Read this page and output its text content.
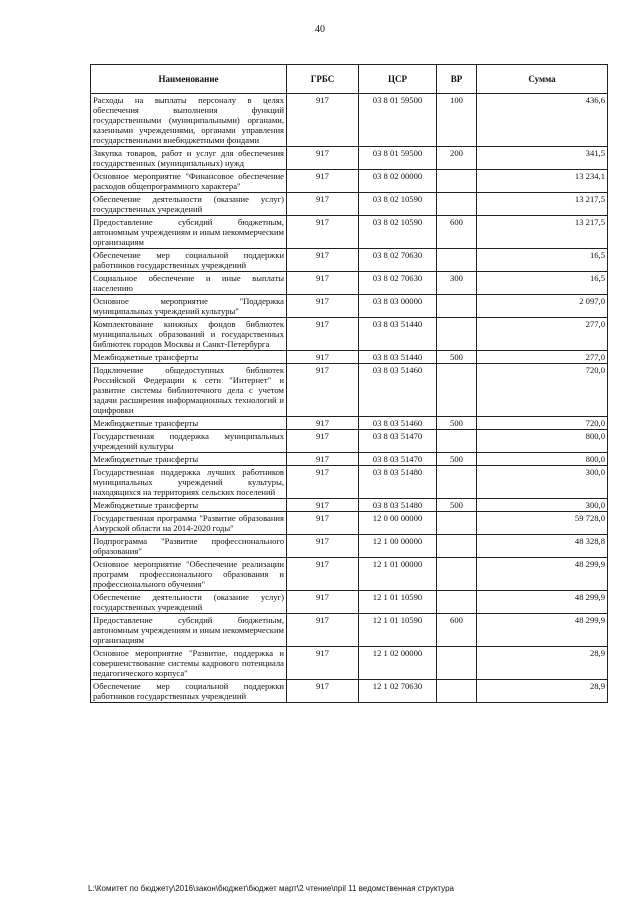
40
Наименование	ГРБС	ЦСР	ВР	Сумма
Расходы на выплаты персоналу в целях обеспечения выполнения функций государственными (муниципальными) органами, казенными учреждениями, органами управления государственными внебюджетными фондами	917	03 8 01 59500	100	436,6
Закупка товаров, работ и услуг для обеспечения государственных (муниципальных) нужд	917	03 8 01 59500	200	341,5
Основное мероприятие "Финансовое обеспечение расходов общепрограммного характера"	917	03 8 02 00000		13 234,1
Обеспечение деятельности (оказание услуг) государственных учреждений	917	03 8 02 10590		13 217,5
Предоставление субсидий бюджетным, автономным учреждениям и иным некоммерческим организациям	917	03 8 02 10590	600	13 217,5
Обеспечение мер социальной поддержки работников государственных учреждений	917	03 8 02 70630		16,5
Социальное обеспечение и иные выплаты населению	917	03 8 02 70630	300	16,5
Основное мероприятие "Поддержка муниципальных учреждений культуры"	917	03 8 03 00000		2 097,0
Комплектование книжных фондов библиотек муниципальных образований и государственных библиотек городов Москвы и Санкт-Петербурга	917	03 8 03 51440		277,0
Межбюджетные трансферты	917	03 8 03 51440	500	277,0
Подключение общедоступных библиотек Российской Федерации к сети "Интернет" и развитие системы библиотечного дела с учетом задачи расширения информационных технологий и оцифровки	917	03 8 03 51460		720,0
Межбюджетные трансферты	917	03 8 03 51460	500	720,0
Государственная поддержка муниципальных учреждений культуры	917	03 8 03 51470		800,0
Межбюджетные трансферты	917	03 8 03 51470	500	800,0
Государственная поддержка лучших работников муниципальных учреждений культуры, находящихся на территориях сельских поселений	917	03 8 03 51480		300,0
Межбюджетные трансферты	917	03 8 03 51480	500	300,0
Государственная программа "Развитие образования Амурской области на 2014-2020 годы"	917	12 0 00 00000		59 728,0
Подпрограмма "Развитие профессионального образования"	917	12 1 00 00000		48 328,8
Основное мероприятие "Обеспечение реализации программ профессионального образования и профессионального обучения"	917	12 1 01 00000		48 299,9
Обеспечение деятельности (оказание услуг) государственных учреждений	917	12 1 01 10590		48 299,9
Предоставление субсидий бюджетным, автономным учреждениям и иным некоммерческим организациям	917	12 1 01 10590	600	48 299,9
Основное мероприятие "Развитие, поддержка и совершенствование системы кадрового потенциала педагогического корпуса"	917	12 1 02 00000		28,9
Обеспечение мер социальной поддержки работников государственных учреждений	917	12 1 02 70630		28,9
L:\Комитет по бюджету\2016\закон\бюджет\бюджет март\2 чтение\прil 11 ведомственная структура
